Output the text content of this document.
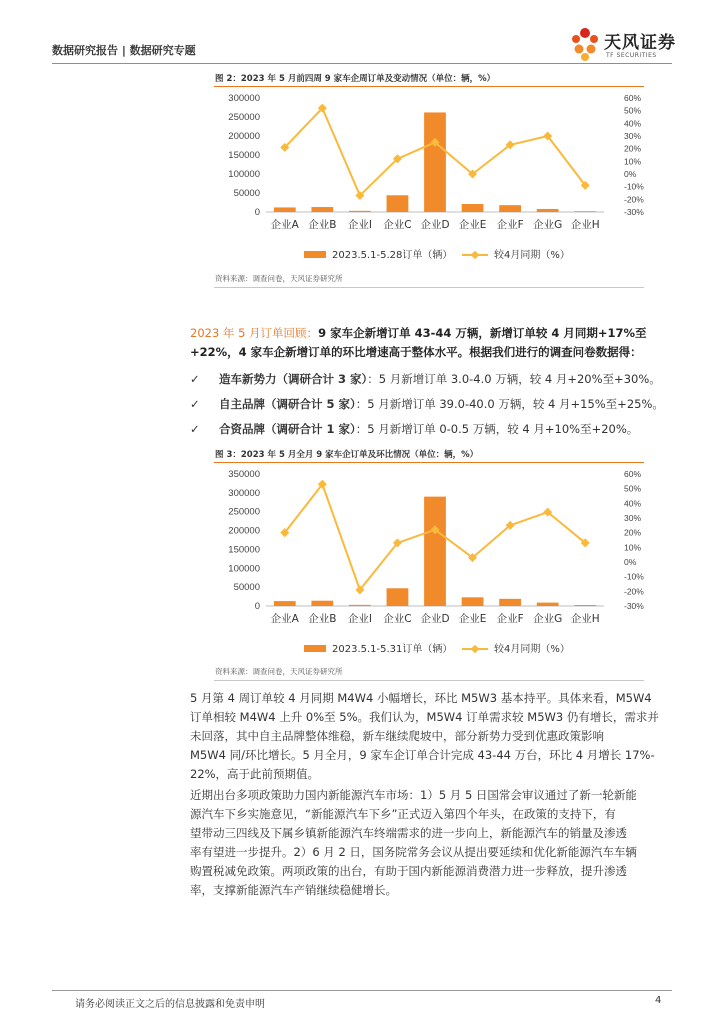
数据研究报告 | 数据研究专题	天风证券
TF SECURITIES
图 2：2023 年 5 月前四周 9 家车企周订单及变动情况（单位：辆，%）
0
50000
100000
150000
200000
250000
300000
-30%
-20%
-10%
0%
10%
20%
30%
40%
50%
60%
企业A 企业B 企业I 企业C 企业D 企业E 企业F 企业G 企业H
2023.5.1-5.28订单（辆）	较4月同期（%）
资料来源：调查问卷，天风证券研究所
2023 年 5 月订单回顾：9 家车企新增订单 43-44 万辆，新增订单较 4 月同期+17%至
+22%，4 家车企新增订单的环比增速高于整体水平。根据我们进行的调查问卷数据得：
✓ 造车新势力（调研合计 3 家）：5 月新增订单 3.0-4.0 万辆，较 4 月+20%至+30%。
✓ 自主品牌（调研合计 5 家）：5 月新增订单 39.0-40.0 万辆，较 4 月+15%至+25%。
✓ 合资品牌（调研合计 1 家）：5 月新增订单 0-0.5 万辆，较 4 月+10%至+20%。
图 3：2023 年 5 月全月 9 家车企订单及环比情况（单位：辆，%）
0
50000
100000
150000
200000
250000
300000
350000
-30%
-20%
-10%
0%
10%
20%
30%
40%
50%
60%
企业A 企业B 企业I 企业C 企业D 企业E 企业F 企业G 企业H
2023.5.1-5.31订单（辆）	较4月同期（%）
资料来源：调查问卷，天风证券研究所
5 月第 4 周订单较 4 月同期 M4W4 小幅增长，环比 M5W3 基本持平。具体来看，M5W4
订单相较 M4W4 上升 0%至 5%。我们认为，M5W4 订单需求较 M5W3 仍有增长，需求并
未回落，其中自主品牌整体维稳，新车继续爬坡中，部分新势力受到优惠政策影响
M5W4 同/环比增长。5 月全月，9 家车企订单合计完成 43-44 万台，环比 4 月增长 17%-
22%，高于此前预期值。
近期出台多项政策助力国内新能源汽车市场：1）5 月 5 日国常会审议通过了新一轮新能
源汽车下乡实施意见，“新能源汽车下乡”正式迈入第四个年头，在政策的支持下，有
望带动三四线及下属乡镇新能源汽车终端需求的进一步向上，新能源汽车的销量及渗透
率有望进一步提升。2）6 月 2 日，国务院常务会议从提出要延续和优化新能源汽车车辆
购置税减免政策。两项政策的出台，有助于国内新能源消费潜力进一步释放，提升渗透
率，支撑新能源汽车产销继续稳健增长。
请务必阅读正文之后的信息披露和免责申明	4
